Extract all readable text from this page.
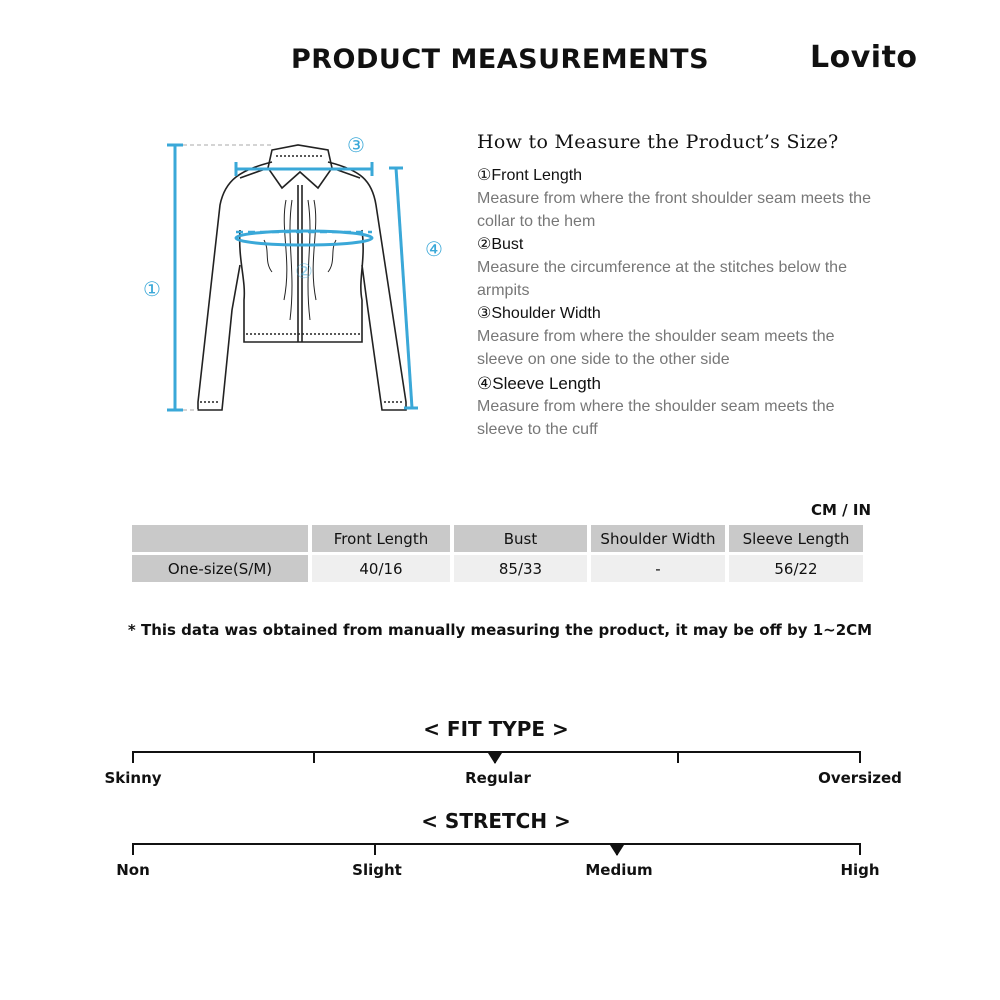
PRODUCT MEASUREMENTS	Lovito
①
②
③
④
How to Measure the Product’s Size?
①Front Length
Measure from where the front shoulder seam meets the
collar to the hem
②Bust
Measure the circumference at the stitches below the
armpits
③Shoulder Width
Measure from where the shoulder seam meets the
sleeve on one side to the other side
④Sleeve Length
Measure from where the shoulder seam meets the
sleeve to the cuff
CM / IN
	Front Length	Bust	Shoulder Width	Sleeve Length
One-size(S/M)	40/16	85/33	-	56/22
* This data was obtained from manually measuring the product, it may be off by 1~2CM
< FIT TYPE >
Skinny	Regular	Oversized
< STRETCH >
Non	Slight	Medium	High
